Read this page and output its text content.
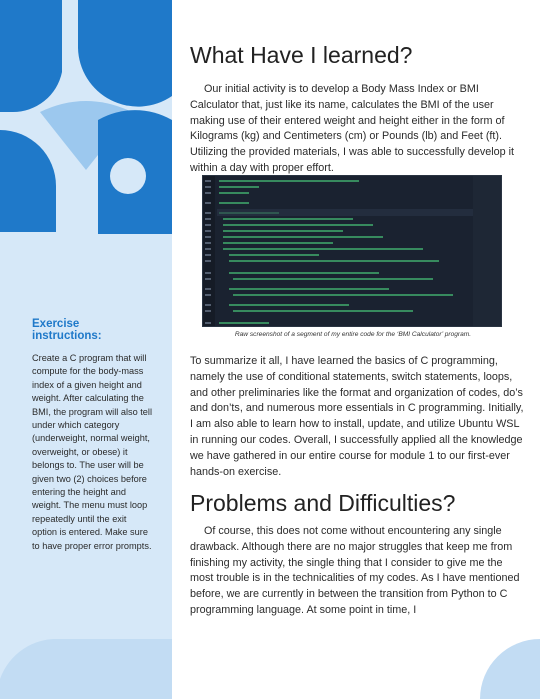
Exercise instructions:

Create a C program that will compute for the body-mass index of a given height and weight. After calculating the BMI, the program will also tell under which category (underweight, normal weight, overweight, or obese) it belongs to. The user will be given two (2) choices before entering the height and weight. The menu must loop repeatedly until the exit option is entered. Make sure to have proper error prompts.

What Have I learned?

Our initial activity is to develop a Body Mass Index or BMI Calculator that, just like its name, calculates the BMI of the user making use of their entered weight and height either in the form of Kilograms (kg) and Centimeters (cm) or Pounds (lb) and Feet (ft). Utilizing the provided materials, I was able to successfully develop it within a day with proper effort.

Raw screenshot of a segment of my entire code for the ‘BMI Calculator’ program.

To summarize it all, I have learned the basics of C programming, namely the use of conditional statements, switch statements, loops, and other preliminaries like the format and organization of codes, do’s and don’ts, and numerous more essentials in C programming. Initially, I am also able to learn how to install, update, and utilize Ubuntu WSL in running our codes. Overall, I successfully applied all the knowledge we have gathered in our entire course for module 1 to our first-ever hands-on exercise.

Problems and Difficulties?

Of course, this does not come without encountering any single drawback. Although there are no major struggles that keep me from finishing my activity, the single thing that I consider to give me the most trouble is in the technicalities of my codes. As I have mentioned before, we are currently in between the transition from Python to C programming language. At some point in time, I
